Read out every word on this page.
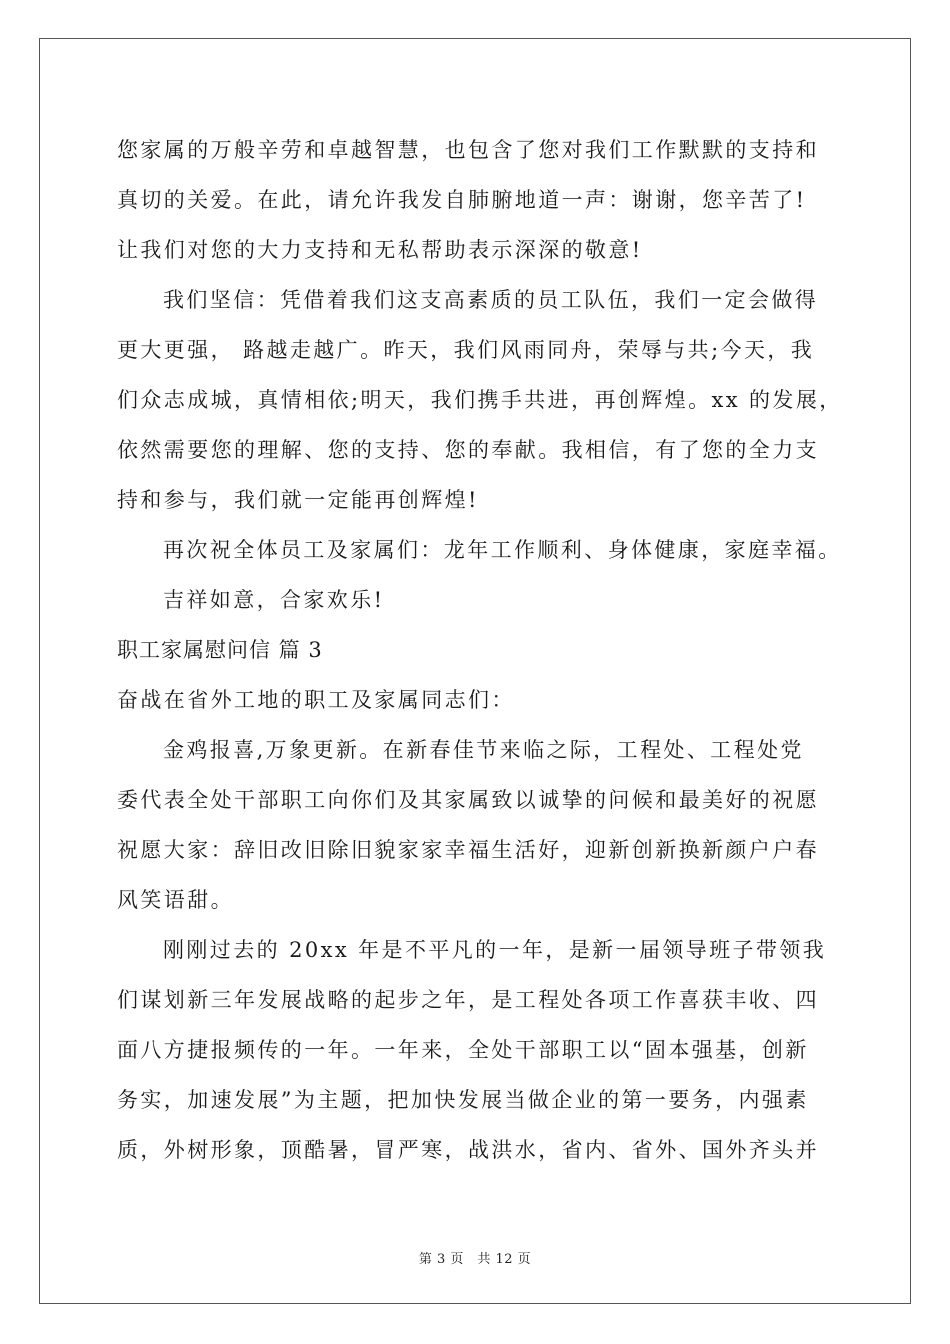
您家属的万般辛劳和卓越智慧，也包含了您对我们工作默默的支持和
真切的关爱。在此，请允许我发自肺腑地道一声：谢谢，您辛苦了!
让我们对您的大力支持和无私帮助表示深深的敬意!
我们坚信：凭借着我们这支高素质的员工队伍，我们一定会做得
更大更强， 路越走越广。昨天，我们风雨同舟，荣辱与共;今天，我
们众志成城，真情相依;明天，我们携手共进，再创辉煌。xx 的发展，
依然需要您的理解、您的支持、您的奉献。我相信，有了您的全力支
持和参与，我们就一定能再创辉煌!
再次祝全体员工及家属们：龙年工作顺利、身体健康，家庭幸福。
吉祥如意，合家欢乐!
职工家属慰问信 篇 3
奋战在省外工地的职工及家属同志们：
金鸡报喜,万象更新。在新春佳节来临之际，工程处、工程处党
委代表全处干部职工向你们及其家属致以诚挚的问候和最美好的祝愿
祝愿大家：辞旧改旧除旧貌家家幸福生活好，迎新创新换新颜户户春
风笑语甜。
刚刚过去的 20xx 年是不平凡的一年，是新一届领导班子带领我
们谋划新三年发展战略的起步之年，是工程处各项工作喜获丰收、四
面八方捷报频传的一年。一年来，全处干部职工以“固本强基，创新
务实，加速发展”为主题，把加快发展当做企业的第一要务，内强素
质，外树形象，顶酷暑，冒严寒，战洪水，省内、省外、国外齐头并
第 3 页　共 12 页
